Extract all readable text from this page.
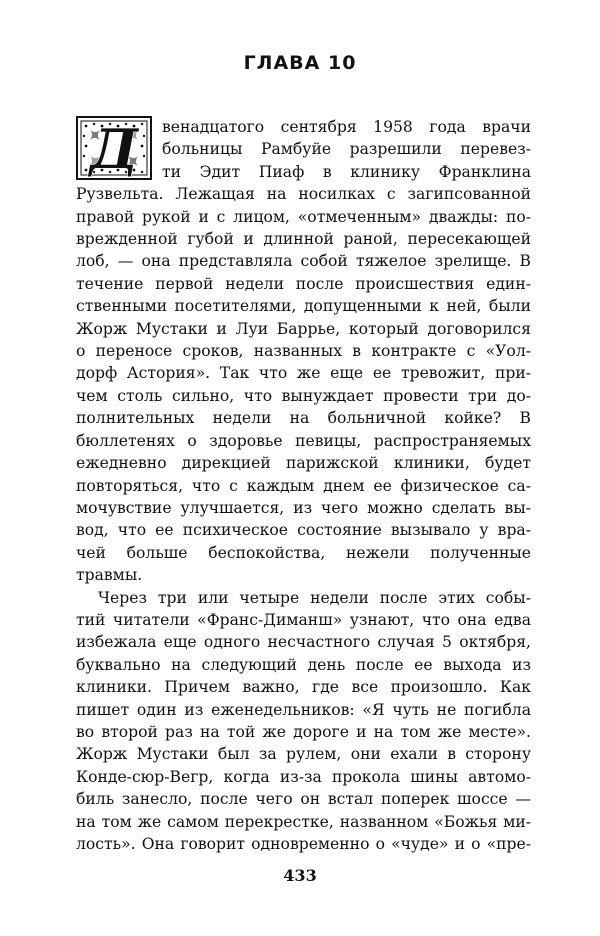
ГЛАВА 10
Д	венадцатого сентября 1958 года врачи
больницы Рамбуйе разрешили перевез-
ти Эдит Пиаф в клинику Франклина
Рузвельта. Лежащая на носилках с загипсованной
правой рукой и с лицом, «отмеченным» дважды: по-
врежденной губой и длинной раной, пересекающей
лоб, — она представляла собой тяжелое зрелище. В
течение первой недели после происшествия един-
ственными посетителями, допущенными к ней, были
Жорж Мустаки и Луи Баррье, который договорился
о переносе сроков, названных в контракте с «Уол-
дорф Астория». Так что же еще ее тревожит, при-
чем столь сильно, что вынуждает провести три до-
полнительных недели на больничной койке? В
бюллетенях о здоровье певицы, распространяемых
ежедневно дирекцией парижской клиники, будет
повторяться, что с каждым днем ее физическое са-
мочувствие улучшается, из чего можно сделать вы-
вод, что ее психическое состояние вызывало у вра-
чей больше беспокойства, нежели полученные
травмы.

Через три или четыре недели после этих собы-
тий читатели «Франс-Диманш» узнают, что она едва
избежала еще одного несчастного случая 5 октября,
буквально на следующий день после ее выхода из
клиники. Причем важно, где все произошло. Как
пишет один из еженедельников: «Я чуть не погибла
во второй раз на той же дороге и на том же месте».
Жорж Мустаки был за рулем, они ехали в сторону
Конде-сюр-Вегр, когда из-за прокола шины автомо-
биль занесло, после чего он встал поперек шоссе —
на том же самом перекрестке, названном «Божья ми-
лость». Она говорит одновременно о «чуде» и о «пре-

433
